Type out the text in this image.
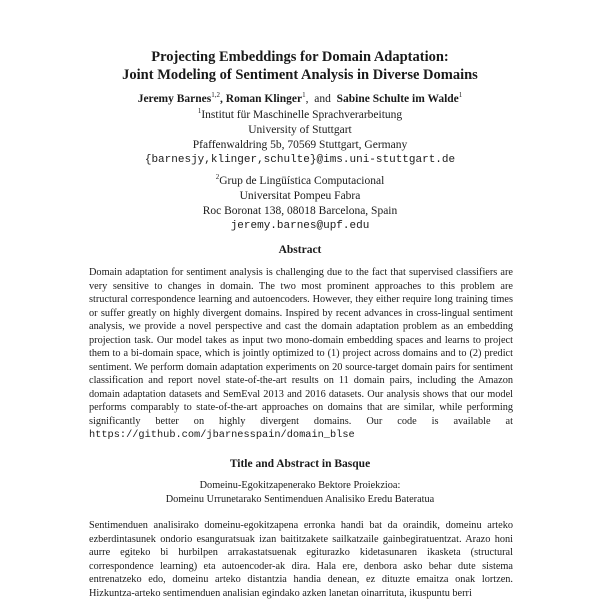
Projecting Embeddings for Domain Adaptation:
Joint Modeling of Sentiment Analysis in Diverse Domains
Jeremy Barnes$^{1,2}$, Roman Klinger$^1$,  and  Sabine Schulte im Walde$^1$
$^1$Institut für Maschinelle Sprachverarbeitung
University of Stuttgart
Pfaffenwaldring 5b, 70569 Stuttgart, Germany
{barnesjy,klinger,schulte}@ims.uni-stuttgart.de
$^2$Grup de Lingüística Computacional
Universitat Pompeu Fabra
Roc Boronat 138, 08018 Barcelona, Spain
jeremy.barnes@upf.edu
Abstract
Domain adaptation for sentiment analysis is challenging due to the fact that supervised classifiers are very sensitive to changes in domain. The two most prominent approaches to this problem are structural correspondence learning and autoencoders. However, they either require long training times or suffer greatly on highly divergent domains. Inspired by recent advances in cross-lingual sentiment analysis, we provide a novel perspective and cast the domain adaptation problem as an embedding projection task. Our model takes as input two mono-domain embedding spaces and learns to project them to a bi-domain space, which is jointly optimized to (1) project across domains and to (2) predict sentiment. We perform domain adaptation experiments on 20 source-target domain pairs for sentiment classification and report novel state-of-the-art results on 11 domain pairs, including the Amazon domain adaptation datasets and SemEval 2013 and 2016 datasets. Our analysis shows that our model performs comparably to state-of-the-art approaches on domains that are similar, while performing significantly better on highly divergent domains. Our code is available at https://github.com/jbarnesspain/domain_blse
Title and Abstract in Basque
Domeinu-Egokitzapenerako Bektore Proiekzioa:
Domeinu Urrunetarako Sentimenduen Analisiko Eredu Bateratua
Sentimenduen analisirako domeinu-egokitzapena erronka handi bat da oraindik, domeinu arteko ezberdintasunek ondorio esanguratsuak izan baititzakete sailkatzaile gainbegiratuentzat. Arazo honi aurre egiteko bi hurbilpen arrakastatsuenak egiturazko kidetasunaren ikasketa (structural correspondence learning) eta autoencoder-ak dira. Hala ere, denbora asko behar dute sistema entrenatzeko edo, domeinu arteko distantzia handia denean, ez dituzte emaitza onak lortzen. Hizkuntza-arteko sentimenduen analisian egindako azken lanetan oinarrituta, ikuspuntu berri
